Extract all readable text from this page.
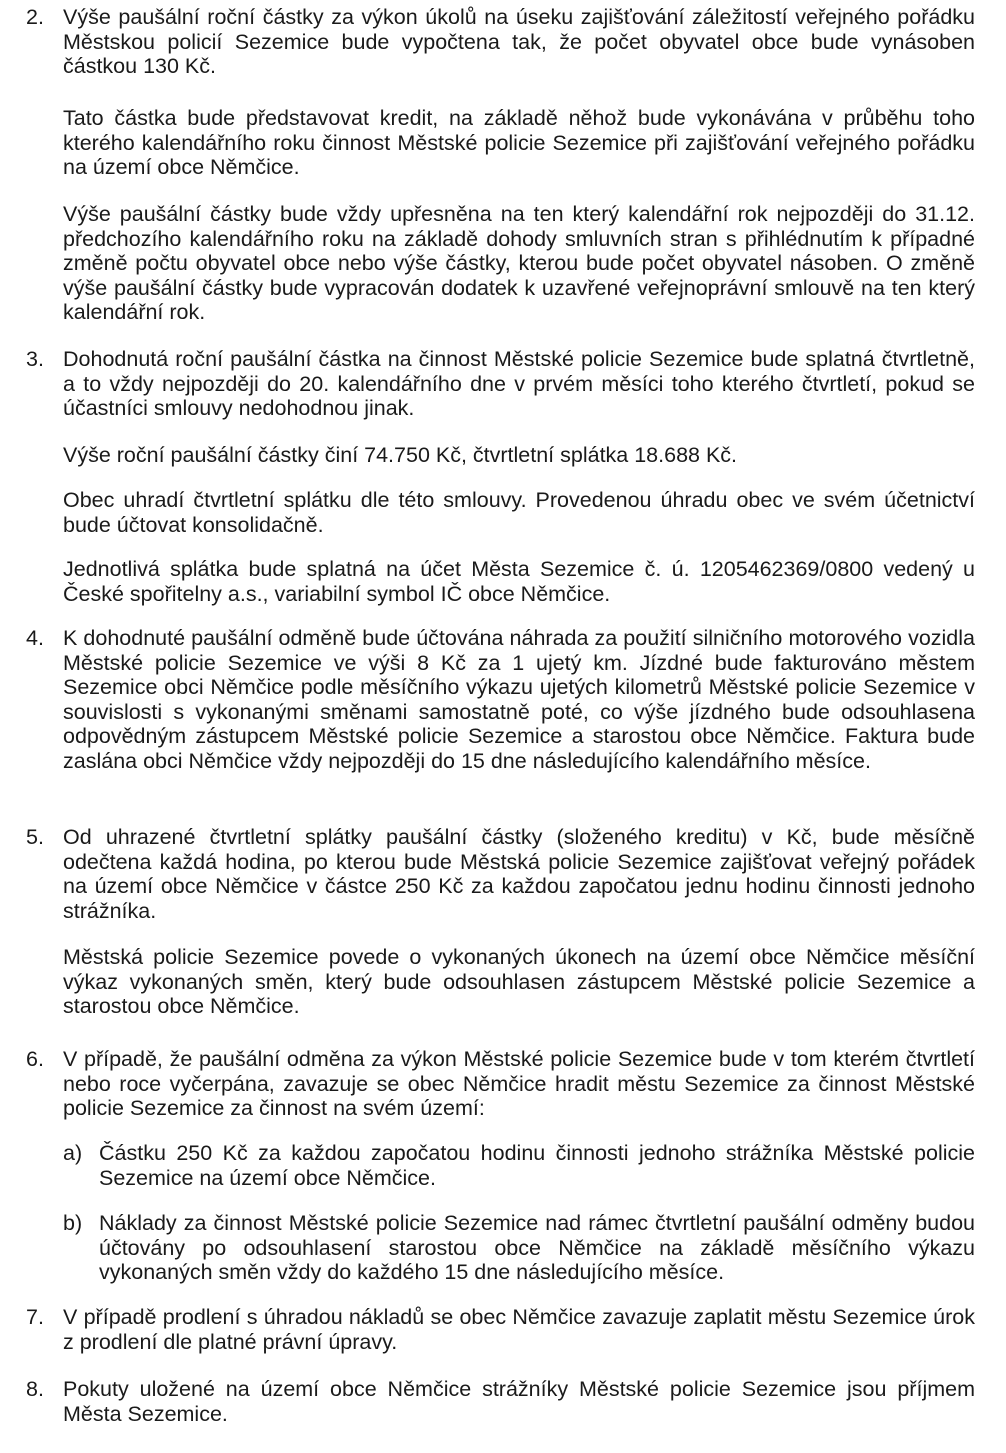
2. Výše paušální roční částky za výkon úkolů na úseku zajišťování záležitostí veřejného pořádku Městskou policií Sezemice bude vypočtena tak, že počet obyvatel obce bude vynásoben částkou 130 Kč.

Tato částka bude představovat kredit, na základě něhož bude vykonávána v průběhu toho kterého kalendářního roku činnost Městské policie Sezemice při zajišťování veřejného pořádku na území obce Němčice.

Výše paušální částky bude vždy upřesněna na ten který kalendářní rok nejpozději do 31.12. předchozího kalendářního roku na základě dohody smluvních stran s přihlédnutím k případné změně počtu obyvatel obce nebo výše částky, kterou bude počet obyvatel násoben. O změně výše paušální částky bude vypracován dodatek k uzavřené veřejnoprávní smlouvě na ten který kalendářní rok.

3. Dohodnutá roční paušální částka na činnost Městské policie Sezemice bude splatná čtvrtletně, a to vždy nejpozději do 20. kalendářního dne v prvém měsíci toho kterého čtvrtletí, pokud se účastníci smlouvy nedohodnou jinak.

Výše roční paušální částky činí 74.750 Kč, čtvrtletní splátka 18.688 Kč.

Obec uhradí čtvrtletní splátku dle této smlouvy. Provedenou úhradu obec ve svém účetnictví bude účtovat konsolidačně.

Jednotlivá splátka bude splatná na účet Města Sezemice č. ú. 1205462369/0800 vedený u České spořitelny a.s., variabilní symbol IČ obce Němčice.

4. K dohodnuté paušální odměně bude účtována náhrada za použití silničního motorového vozidla Městské policie Sezemice ve výši 8 Kč za 1 ujetý km. Jízdné bude fakturováno městem Sezemice obci Němčice podle měsíčního výkazu ujetých kilometrů Městské policie Sezemice v souvislosti s vykonanými směnami samostatně poté, co výše jízdného bude odsouhlasena odpovědným zástupcem Městské policie Sezemice a starostou obce Němčice. Faktura bude zaslána obci Němčice vždy nejpozději do 15 dne následujícího kalendářního měsíce.

5. Od uhrazené čtvrtletní splátky paušální částky (složeného kreditu) v Kč, bude měsíčně odečtena každá hodina, po kterou bude Městská policie Sezemice zajišťovat veřejný pořádek na území obce Němčice v částce 250 Kč za každou započatou jednu hodinu činnosti jednoho strážníka.

Městská policie Sezemice povede o vykonaných úkonech na území obce Němčice měsíční výkaz vykonaných směn, který bude odsouhlasen zástupcem Městské policie Sezemice a starostou obce Němčice.

6. V případě, že paušální odměna za výkon Městské policie Sezemice bude v tom kterém čtvrtletí nebo roce vyčerpána, zavazuje se obec Němčice hradit městu Sezemice za činnost Městské policie Sezemice za činnost na svém území:

a) Částku 250 Kč za každou započatou hodinu činnosti jednoho strážníka Městské policie Sezemice na území obce Němčice.

b) Náklady za činnost Městské policie Sezemice nad rámec čtvrtletní paušální odměny budou účtovány po odsouhlasení starostou obce Němčice na základě měsíčního výkazu vykonaných směn vždy do každého 15 dne následujícího měsíce.

7. V případě prodlení s úhradou nákladů se obec Němčice zavazuje zaplatit městu Sezemice úrok z prodlení dle platné právní úpravy.

8. Pokuty uložené na území obce Němčice strážníky Městské policie Sezemice jsou příjmem Města Sezemice.
